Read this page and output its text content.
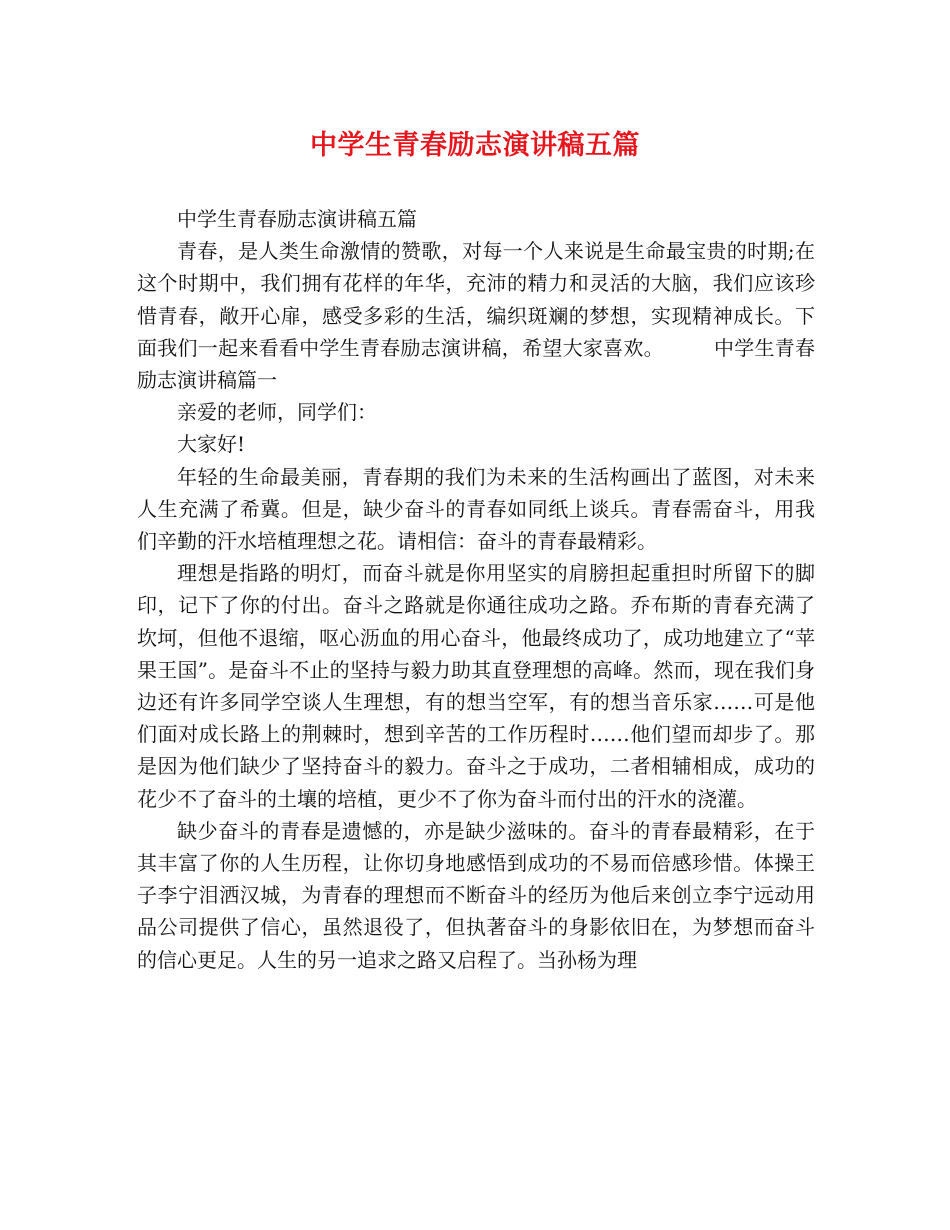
中学生青春励志演讲稿五篇

中学生青春励志演讲稿五篇

青春，是人类生命激情的赞歌，对每一个人来说是生命最宝贵的时期;在这个时期中，我们拥有花样的年华，充沛的精力和灵活的大脑，我们应该珍惜青春，敞开心扉，感受多彩的生活，编织斑斓的梦想，实现精神成长。下面我们一起来看看中学生青春励志演讲稿，希望大家喜欢。	中学生青春励志演讲稿篇一

亲爱的老师，同学们：

大家好!

年轻的生命最美丽，青春期的我们为未来的生活构画出了蓝图，对未来人生充满了希冀。但是，缺少奋斗的青春如同纸上谈兵。青春需奋斗，用我们辛勤的汗水培植理想之花。请相信：奋斗的青春最精彩。

理想是指路的明灯，而奋斗就是你用坚实的肩膀担起重担时所留下的脚印，记下了你的付出。奋斗之路就是你通往成功之路。乔布斯的青春充满了坎坷，但他不退缩，呕心沥血的用心奋斗，他最终成功了，成功地建立了“苹果王国”。是奋斗不止的坚持与毅力助其直登理想的高峰。然而，现在我们身边还有许多同学空谈人生理想，有的想当空军，有的想当音乐家……可是他们面对成长路上的荆棘时，想到辛苦的工作历程时……他们望而却步了。那是因为他们缺少了坚持奋斗的毅力。奋斗之于成功，二者相辅相成，成功的花少不了奋斗的土壤的培植，更少不了你为奋斗而付出的汗水的浇灌。

缺少奋斗的青春是遗憾的，亦是缺少滋味的。奋斗的青春最精彩，在于其丰富了你的人生历程，让你切身地感悟到成功的不易而倍感珍惜。体操王子李宁泪洒汉城，为青春的理想而不断奋斗的经历为他后来创立李宁远动用品公司提供了信心，虽然退役了，但执著奋斗的身影依旧在，为梦想而奋斗的信心更足。人生的另一追求之路又启程了。当孙杨为理
